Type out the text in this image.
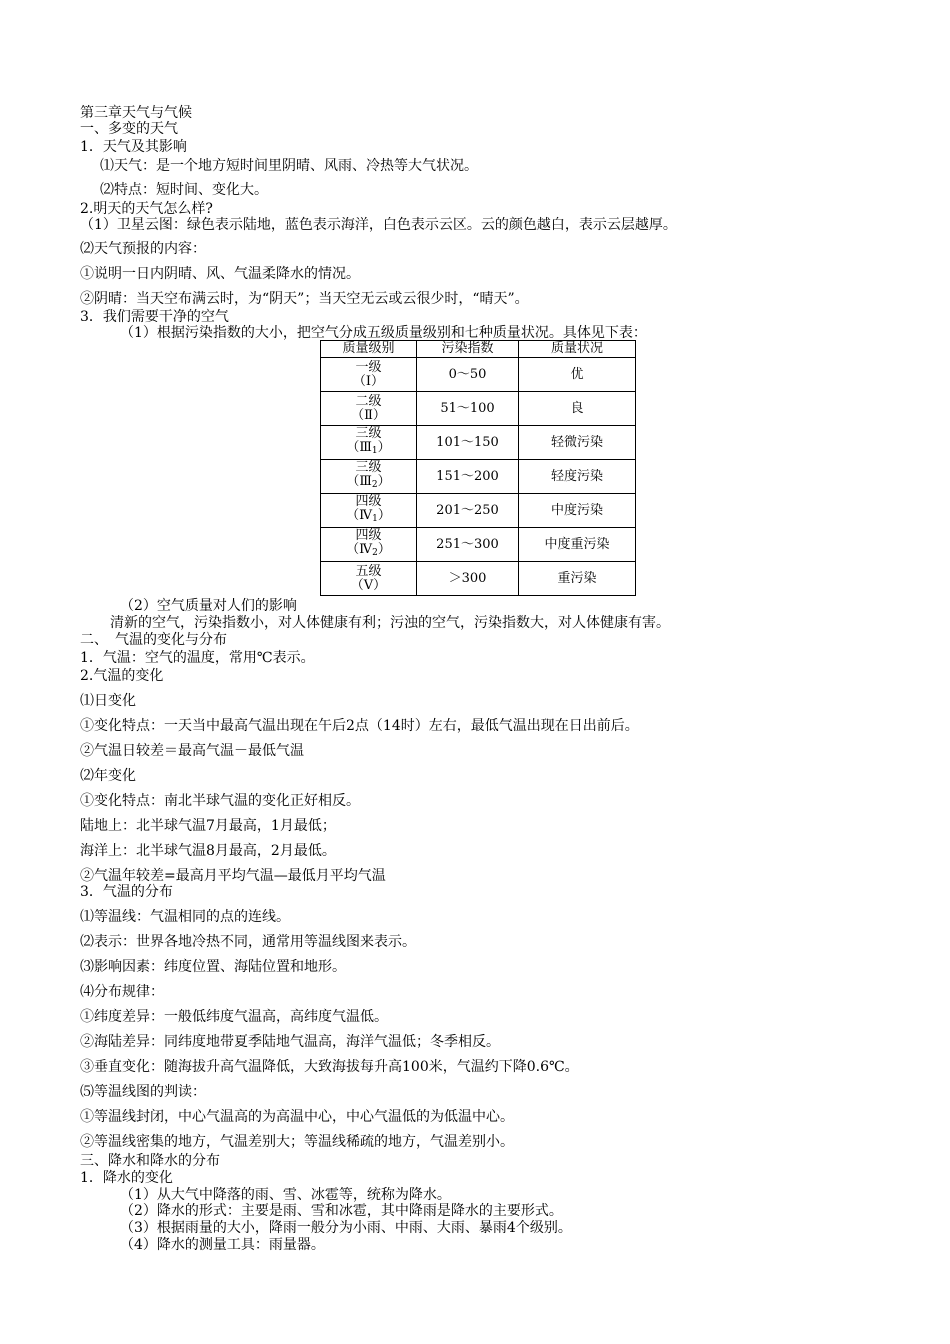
第三章天气与气候
一、多变的天气
1．天气及其影响
⑴天气：是一个地方短时间里阴晴、风雨、冷热等大气状况。
⑵特点：短时间、变化大。
2.明天的天气怎么样?
（1）卫星云图：绿色表示陆地，蓝色表示海洋，白色表示云区。云的颜色越白，表示云层越厚。
⑵天气预报的内容：
①说明一日内阴晴、风、气温柔降水的情况。
②阴晴：当天空布满云时，为“阴天”；当天空无云或云很少时，“晴天”。
3．我们需要干净的空气
（1）根据污染指数的大小，把空气分成五级质量级别和七种质量状况。具体见下表：
质量级别	污染指数	质量状况
一级
（Ⅰ）	0～50	优
二级
（Ⅱ）	51～100	良
三级
$(Ⅲ_1)$	101～150	轻微污染
三级
$(Ⅲ_2)$	151～200	轻度污染
四级
$(Ⅳ_1)$	201～250	中度污染
四级
$(Ⅳ_2)$	251～300	中度重污染
五级
（Ⅴ）	＞300	重污染
（2）空气质量对人们的影响
清新的空气，污染指数小，对人体健康有利；污浊的空气，污染指数大，对人体健康有害。
二、　气温的变化与分布
1．气温：空气的温度，常用℃表示。
2.气温的变化
⑴日变化
①变化特点：一天当中最高气温出现在午后2点（14时）左右，最低气温出现在日出前后。
②气温日较差＝最高气温－最低气温
⑵年变化
①变化特点：南北半球气温的变化正好相反。
陆地上：北半球气温7月最高，1月最低；
海洋上：北半球气温8月最高，2月最低。
②气温年较差=最高月平均气温—最低月平均气温
3．气温的分布
⑴等温线：气温相同的点的连线。
⑵表示：世界各地冷热不同，通常用等温线图来表示。
⑶影响因素：纬度位置、海陆位置和地形。
⑷分布规律：
①纬度差异：一般低纬度气温高，高纬度气温低。
②海陆差异：同纬度地带夏季陆地气温高，海洋气温低；冬季相反。
③垂直变化：随海拔升高气温降低，大致海拔每升高100米，气温约下降0.6℃。
⑸等温线图的判读：
①等温线封闭，中心气温高的为高温中心，中心气温低的为低温中心。
②等温线密集的地方，气温差别大；等温线稀疏的地方，气温差别小。
三、降水和降水的分布
1．降水的变化
（1）从大气中降落的雨、雪、冰雹等，统称为降水。
（2）降水的形式：主要是雨、雪和冰雹，其中降雨是降水的主要形式。
（3）根据雨量的大小，降雨一般分为小雨、中雨、大雨、暴雨4个级别。
（4）降水的测量工具：雨量器。
